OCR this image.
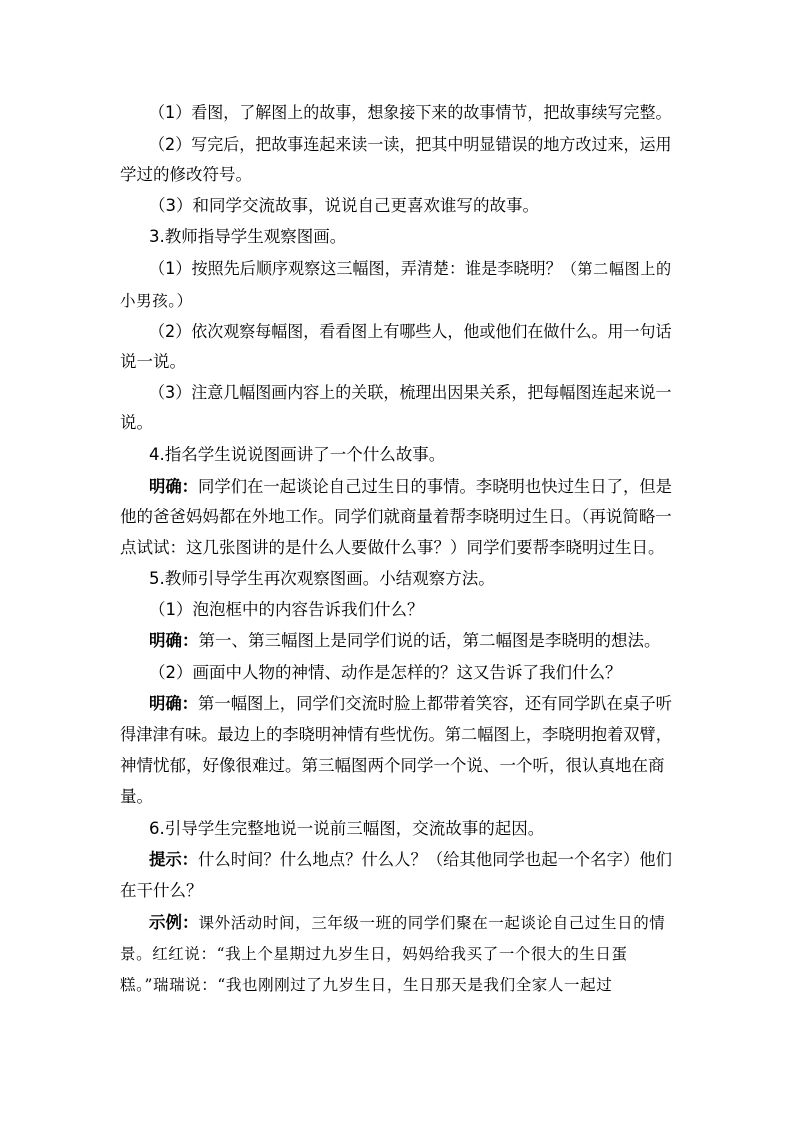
（1）看图，了解图上的故事，想象接下来的故事情节，把故事续写完整。
（2）写完后，把故事连起来读一读，把其中明显错误的地方改过来，运用
学过的修改符号。
（3）和同学交流故事，说说自己更喜欢谁写的故事。
3.教师指导学生观察图画。
（1）按照先后顺序观察这三幅图，弄清楚：谁是李晓明？（第二幅图上的
小男孩。）
（2）依次观察每幅图，看看图上有哪些人，他或他们在做什么。用一句话
说一说。
（3）注意几幅图画内容上的关联，梳理出因果关系，把每幅图连起来说一
说。
4.指名学生说说图画讲了一个什么故事。
明确：同学们在一起谈论自己过生日的事情。李晓明也快过生日了，但是
他的爸爸妈妈都在外地工作。同学们就商量着帮李晓明过生日。（再说简略一
点试试：这几张图讲的是什么人要做什么事？）同学们要帮李晓明过生日。
5.教师引导学生再次观察图画。小结观察方法。
（1）泡泡框中的内容告诉我们什么？
明确：第一、第三幅图上是同学们说的话，第二幅图是李晓明的想法。
（2）画面中人物的神情、动作是怎样的？这又告诉了我们什么？
明确：第一幅图上，同学们交流时脸上都带着笑容，还有同学趴在桌子听
得津津有味。最边上的李晓明神情有些忧伤。第二幅图上，李晓明抱着双臂，
神情忧郁，好像很难过。第三幅图两个同学一个说、一个听，很认真地在商
量。
6.引导学生完整地说一说前三幅图，交流故事的起因。
提示：什么时间？什么地点？什么人？（给其他同学也起一个名字）他们
在干什么？
示例：课外活动时间，三年级一班的同学们聚在一起谈论自己过生日的情
景。红红说：“我上个星期过九岁生日，妈妈给我买了一个很大的生日蛋
糕。”瑞瑞说：“我也刚刚过了九岁生日，生日那天是我们全家人一起过
